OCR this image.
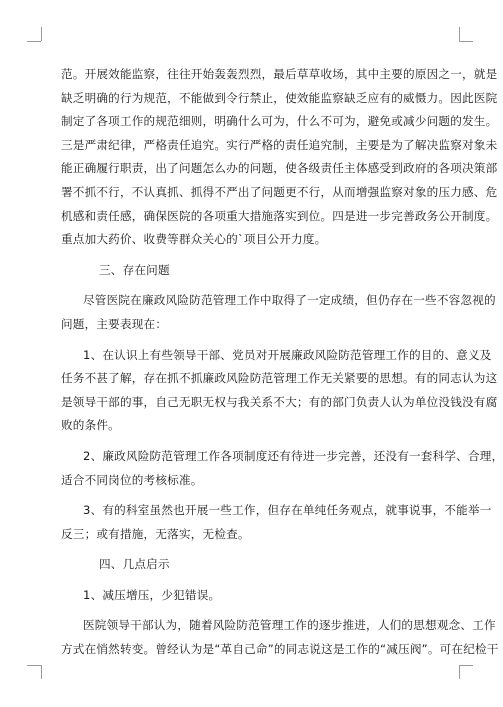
范。开展效能监察，往往开始轰轰烈烈，最后草草收场，其中主要的原因之一，就是
缺乏明确的行为规范，不能做到令行禁止，使效能监察缺乏应有的威慑力。因此医院
制定了各项工作的规范细则，明确什么可为，什么不可为，避免或减少问题的发生。
三是严肃纪律，严格责任追究。实行严格的责任追究制，主要是为了解决监察对象未
能正确履行职责，出了问题怎么办的问题，使各级责任主体感受到政府的各项决策部
署不抓不行，不认真抓、抓得不严出了问题更不行，从而增强监察对象的压力感、危
机感和责任感，确保医院的各项重大措施落实到位。四是进一步完善政务公开制度。
重点加大药价、收费等群众关心的`项目公开力度。
三、存在问题
尽管医院在廉政风险防范管理工作中取得了一定成绩，但仍存在一些不容忽视的
问题，主要表现在：
1、在认识上有些领导干部、党员对开展廉政风险防范管理工作的目的、意义及
任务不甚了解，存在抓不抓廉政风险防范管理工作无关紧要的思想。有的同志认为这
是领导干部的事，自己无职无权与我关系不大；有的部门负责人认为单位没钱没有腐
败的条件。
2、廉政风险防范管理工作各项制度还有待进一步完善，还没有一套科学、合理，
适合不同岗位的考核标准。
3、有的科室虽然也开展一些工作，但存在单纯任务观点，就事说事，不能举一
反三；或有措施，无落实，无检查。
四、几点启示
1、减压增压，少犯错误。
医院领导干部认为，随着风险防范管理工作的逐步推进，人们的思想观念、工作
方式在悄然转变。曾经认为是“革自己命”的同志说这是工作的“减压阀”。可在纪检干
